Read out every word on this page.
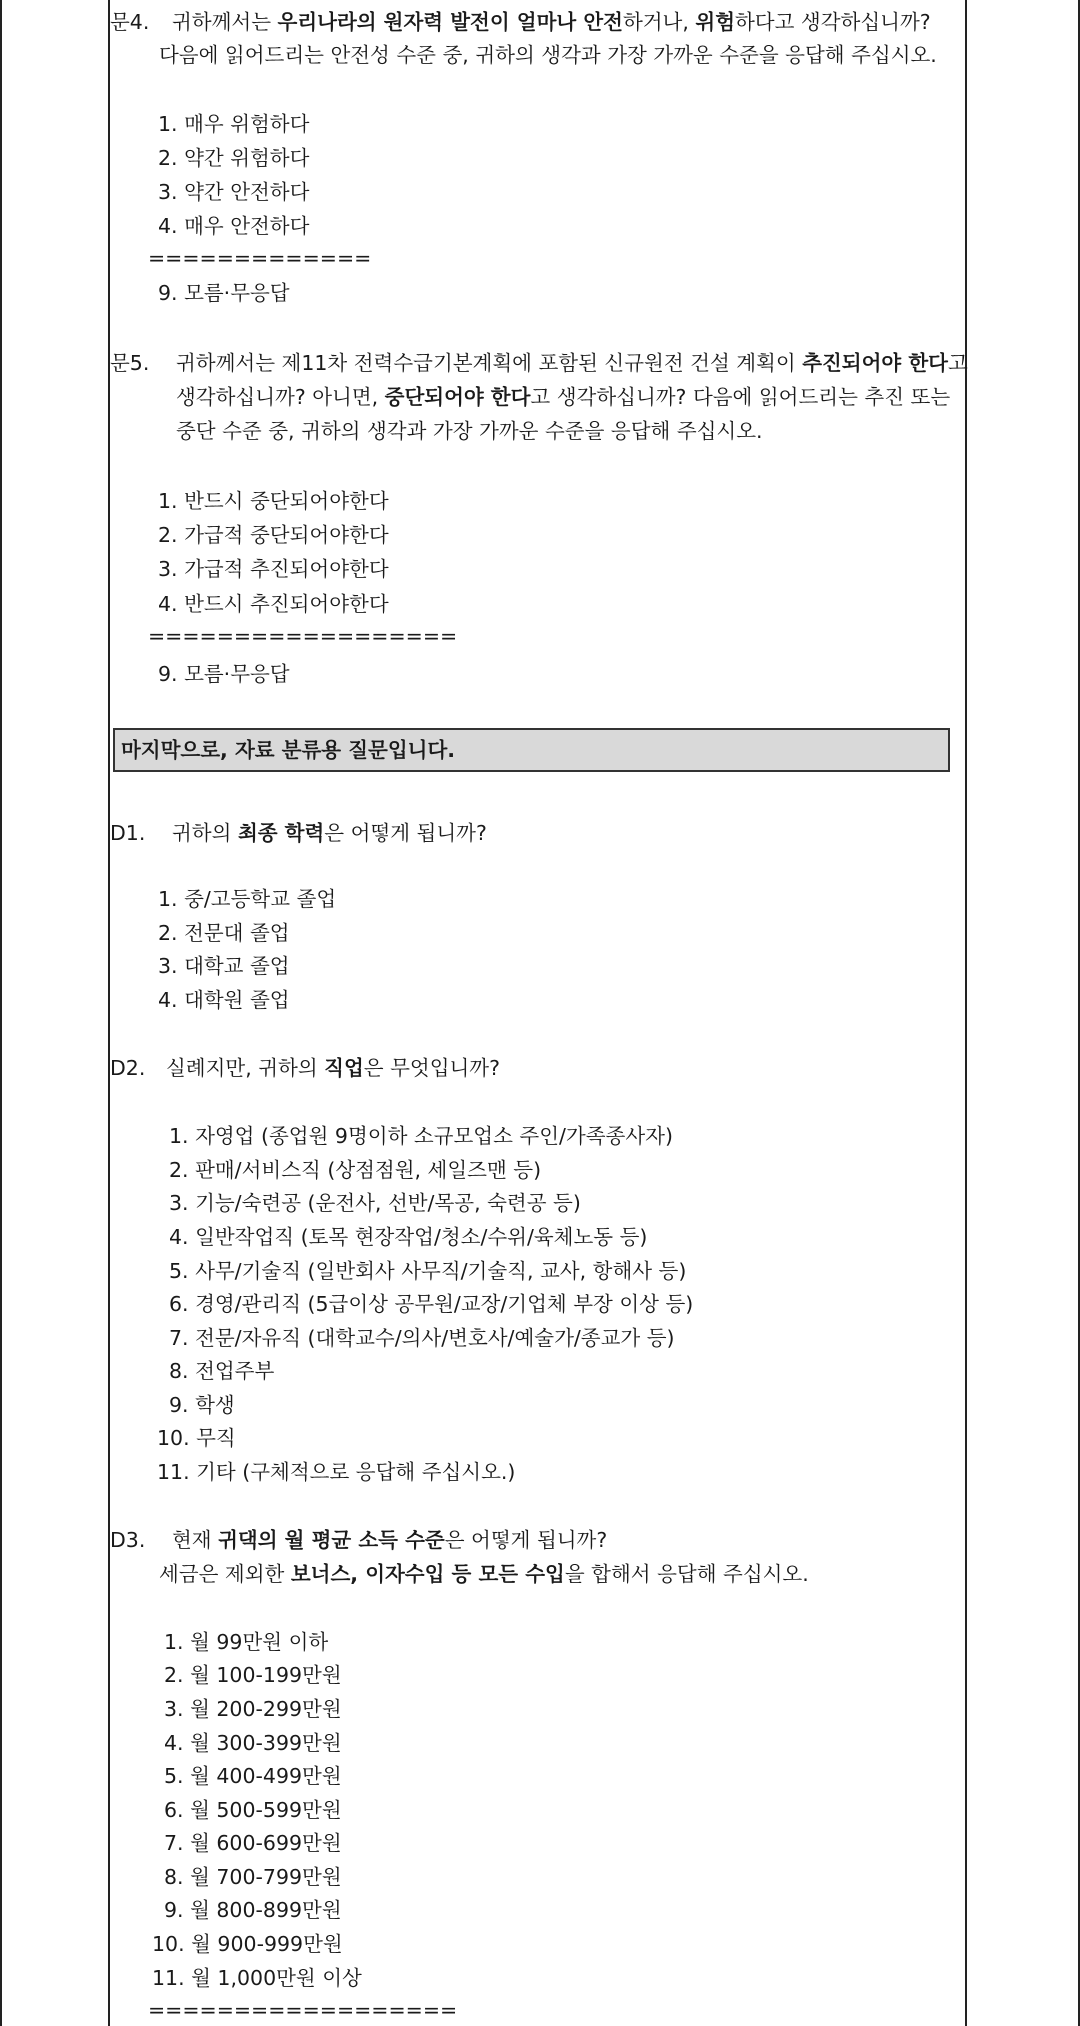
문4. 귀하께서는 우리나라의 원자력 발전이 얼마나 안전하거나, 위험하다고 생각하십니까?
다음에 읽어드리는 안전성 수준 중, 귀하의 생각과 가장 가까운 수준을 응답해 주십시오.
1. 매우 위험하다
2. 약간 위험하다
3. 약간 안전하다
4. 매우 안전하다
=============
9. 모름·무응답
문5. 귀하께서는 제11차 전력수급기본계획에 포함된 신규원전 건설 계획이 추진되어야 한다고
생각하십니까? 아니면, 중단되어야 한다고 생각하십니까? 다음에 읽어드리는 추진 또는
중단 수준 중, 귀하의 생각과 가장 가까운 수준을 응답해 주십시오.
1. 반드시 중단되어야한다
2. 가급적 중단되어야한다
3. 가급적 추진되어야한다
4. 반드시 추진되어야한다
==================
9. 모름·무응답
마지막으로, 자료 분류용 질문입니다.
D1. 귀하의 최종 학력은 어떻게 됩니까?
1. 중/고등학교 졸업
2. 전문대 졸업
3. 대학교 졸업
4. 대학원 졸업
D2. 실례지만, 귀하의 직업은 무엇입니까?
1. 자영업 (종업원 9명이하 소규모업소 주인/가족종사자)
2. 판매/서비스직 (상점점원, 세일즈맨 등)
3. 기능/숙련공 (운전사, 선반/목공, 숙련공 등)
4. 일반작업직 (토목 현장작업/청소/수위/육체노동 등)
5. 사무/기술직 (일반회사 사무직/기술직, 교사, 항해사 등)
6. 경영/관리직 (5급이상 공무원/교장/기업체 부장 이상 등)
7. 전문/자유직 (대학교수/의사/변호사/예술가/종교가 등)
8. 전업주부
9. 학생
10. 무직
11. 기타 (구체적으로 응답해 주십시오.)
D3. 현재 귀댁의 월 평균 소득 수준은 어떻게 됩니까?
세금은 제외한 보너스, 이자수입 등 모든 수입을 합해서 응답해 주십시오.
1. 월 99만원 이하
2. 월 100-199만원
3. 월 200-299만원
4. 월 300-399만원
5. 월 400-499만원
6. 월 500-599만원
7. 월 600-699만원
8. 월 700-799만원
9. 월 800-899만원
10. 월 900-999만원
11. 월 1,000만원 이상
==================
